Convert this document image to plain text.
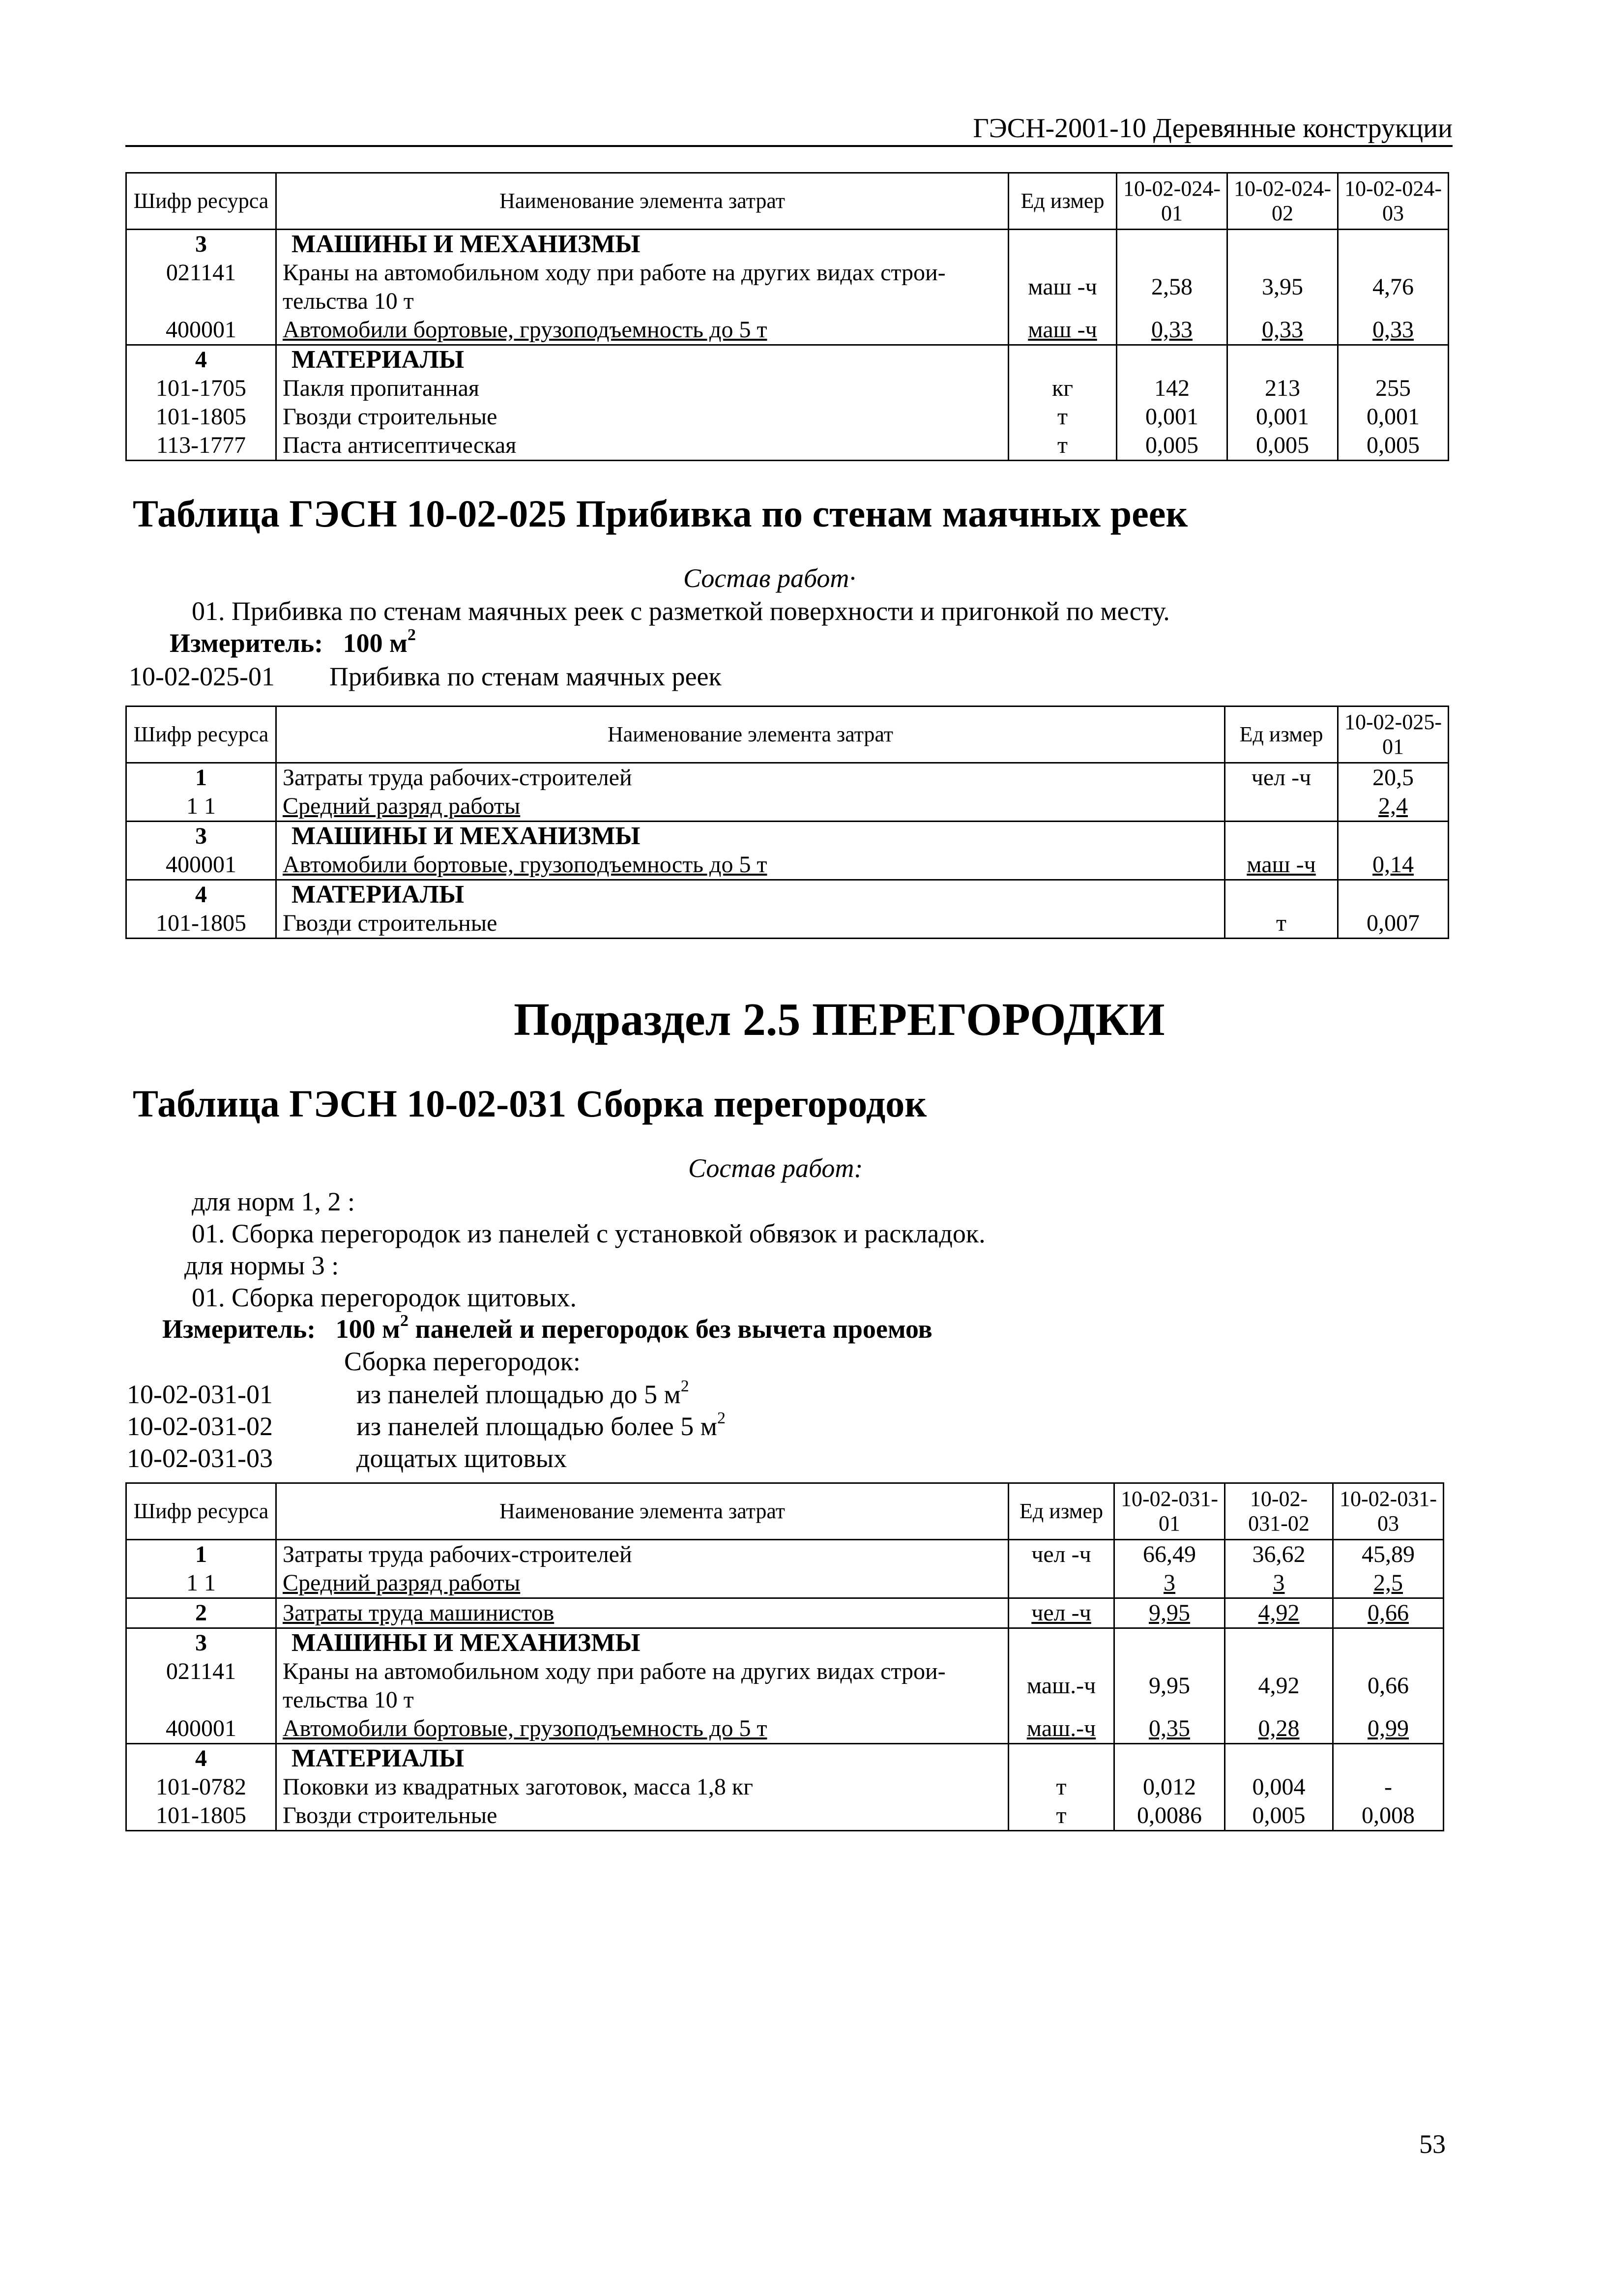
ГЭСН-2001-10 Деревянные конструкции
Шифр ресурса	Наименование элемента затрат	Ед измер	10-02-024-01	10-02-024-02	10-02-024-03
3	МАШИНЫ И МЕХАНИЗМЫ				
021141	Краны на автомобильном ходу при работе на других видах строи-
тельства 10 т	маш -ч	2,58	3,95	4,76
400001	Автомобили бортовые, грузоподъемность до 5 т	маш -ч	0,33	0,33	0,33
4	МАТЕРИАЛЫ				
101-1705	Пакля пропитанная	кг	142	213	255
101-1805	Гвозди строительные	т	0,001	0,001	0,001
113-1777	Паста антисептическая	т	0,005	0,005	0,005
Таблица ГЭСН 10-02-025 Прибивка по стенам маячных реек
Состав работ·
01. Прибивка по стенам маячных реек с разметкой поверхности и пригонкой по месту.
Измеритель: 100 $м^2$
10-02-025-01 Прибивка по стенам маячных реек
Шифр ресурса	Наименование элемента затрат	Ед измер	10-02-025-01
1	Затраты труда рабочих-строителей	чел -ч	20,5
1 1	Средний разряд работы		2,4
3	МАШИНЫ И МЕХАНИЗМЫ		
400001	Автомобили бортовые, грузоподъемность до 5 т	маш -ч	0,14
4	МАТЕРИАЛЫ		
101-1805	Гвозди строительные	т	0,007
Подраздел 2.5 ПЕРЕГОРОДКИ
Таблица ГЭСН 10-02-031 Сборка перегородок
Состав работ:
для норм 1, 2 :
01. Сборка перегородок из панелей с установкой обвязок и раскладок.
для нормы 3 :
01. Сборка перегородок щитовых.
Измеритель: 100 $м^2$ панелей и перегородок без вычета проемов
Сборка перегородок:
10-02-031-01	из панелей площадью до 5 $м^2$
10-02-031-02	из панелей площадью более 5 $м^2$
10-02-031-03	дощатых щитовых
Шифр ресурса	Наименование элемента затрат	Ед измер	10-02-031-01	10-02-031-02	10-02-031-03
1	Затраты труда рабочих-строителей	чел -ч	66,49	36,62	45,89
1 1	Средний разряд работы		3	3	2,5
2	Затраты труда машинистов	чел -ч	9,95	4,92	0,66
3	МАШИНЫ И МЕХАНИЗМЫ				
021141	Краны на автомобильном ходу при работе на других видах строи-
тельства 10 т	маш.-ч	9,95	4,92	0,66
400001	Автомобили бортовые, грузоподъемность до 5 т	маш.-ч	0,35	0,28	0,99
4	МАТЕРИАЛЫ				
101-0782	Поковки из квадратных заготовок, масса 1,8 кг	т	0,012	0,004	-
101-1805	Гвозди строительные	т	0,0086	0,005	0,008
53
